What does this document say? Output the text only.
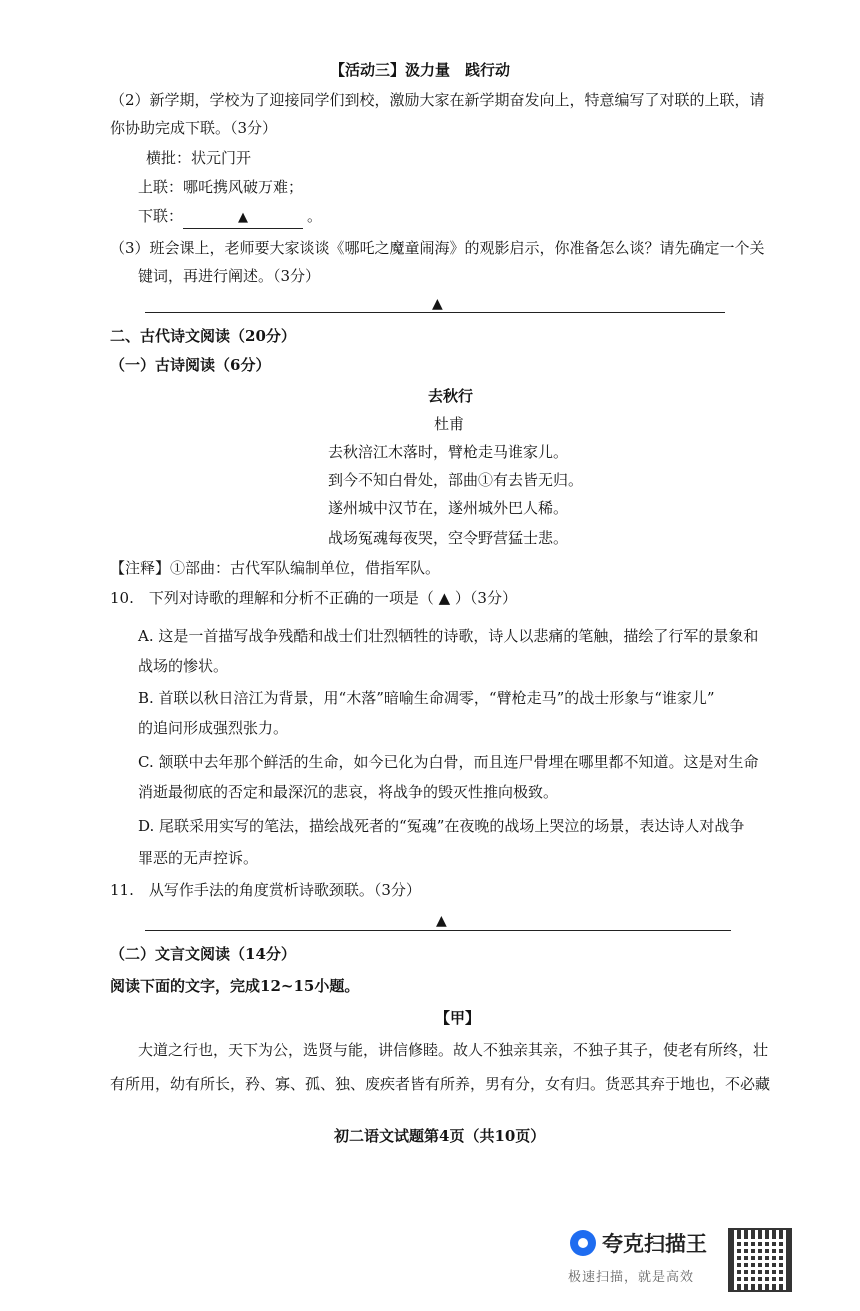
【活动三】汲力量　践行动
（2）新学期，学校为了迎接同学们到校，激励大家在新学期奋发向上，特意编写了对联的上联，请
你协助完成下联。（3分）
横批：状元门开
上联：哪吒携风破万难；
下联：	▲	。
（3）班会课上，老师要大家谈谈《哪吒之魔童闹海》的观影启示，你准备怎么谈？请先确定一个关
键词，再进行阐述。（3分）
▲
二、古代诗文阅读（20分）
（一）古诗阅读（6分）
去秋行
杜甫
去秋涪江木落时，臂枪走马谁家儿。
到今不知白骨处，部曲①有去皆无归。
遂州城中汉节在，遂州城外巴人稀。
战场冤魂每夜哭，空令野营猛士悲。
【注释】①部曲：古代军队编制单位，借指军队。
10.　下列对诗歌的理解和分析不正确的一项是（ ▲ ）（3分）
A. 这是一首描写战争残酷和战士们壮烈牺牲的诗歌，诗人以悲痛的笔触，描绘了行军的景象和
战场的惨状。
B. 首联以秋日涪江为背景，用“木落”暗喻生命凋零，“臂枪走马”的战士形象与“谁家儿”
的追问形成强烈张力。
C. 颔联中去年那个鲜活的生命，如今已化为白骨，而且连尸骨埋在哪里都不知道。这是对生命
消逝最彻底的否定和最深沉的悲哀，将战争的毁灭性推向极致。
D. 尾联采用实写的笔法，描绘战死者的“冤魂”在夜晚的战场上哭泣的场景，表达诗人对战争
罪恶的无声控诉。
11.　从写作手法的角度赏析诗歌颈联。（3分）
▲
（二）文言文阅读（14分）
阅读下面的文字，完成12~15小题。
【甲】
大道之行也，天下为公，选贤与能，讲信修睦。故人不独亲其亲，不独子其子，使老有所终，壮
有所用，幼有所长，矜、寡、孤、独、废疾者皆有所养，男有分，女有归。货恶其弃于地也，不必藏
初二语文试题第4页（共10页）
夸克扫描王
极速扫描，就是高效
